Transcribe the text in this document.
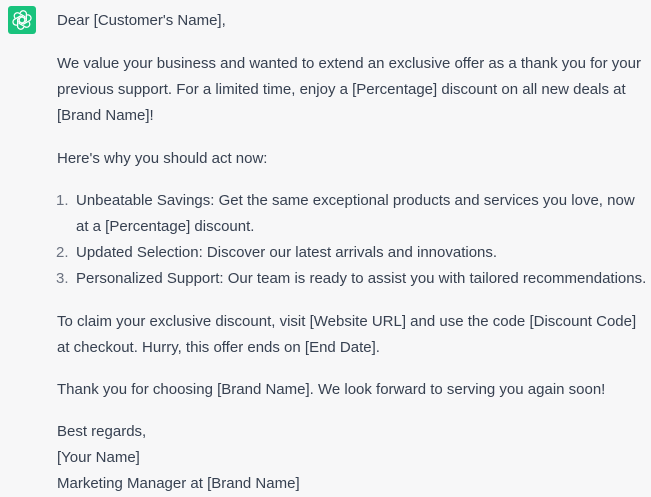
Dear [Customer's Name],

We value your business and wanted to extend an exclusive offer as a thank you for your previous support. For a limited time, enjoy a [Percentage] discount on all new deals at [Brand Name]!

Here's why you should act now:

1. Unbeatable Savings: Get the same exceptional products and services you love, now at a [Percentage] discount.
2. Updated Selection: Discover our latest arrivals and innovations.
3. Personalized Support: Our team is ready to assist you with tailored recommendations.

To claim your exclusive discount, visit [Website URL] and use the code [Discount Code] at checkout. Hurry, this offer ends on [End Date].

Thank you for choosing [Brand Name]. We look forward to serving you again soon!

Best regards,

[Your Name]

Marketing Manager at [Brand Name]
